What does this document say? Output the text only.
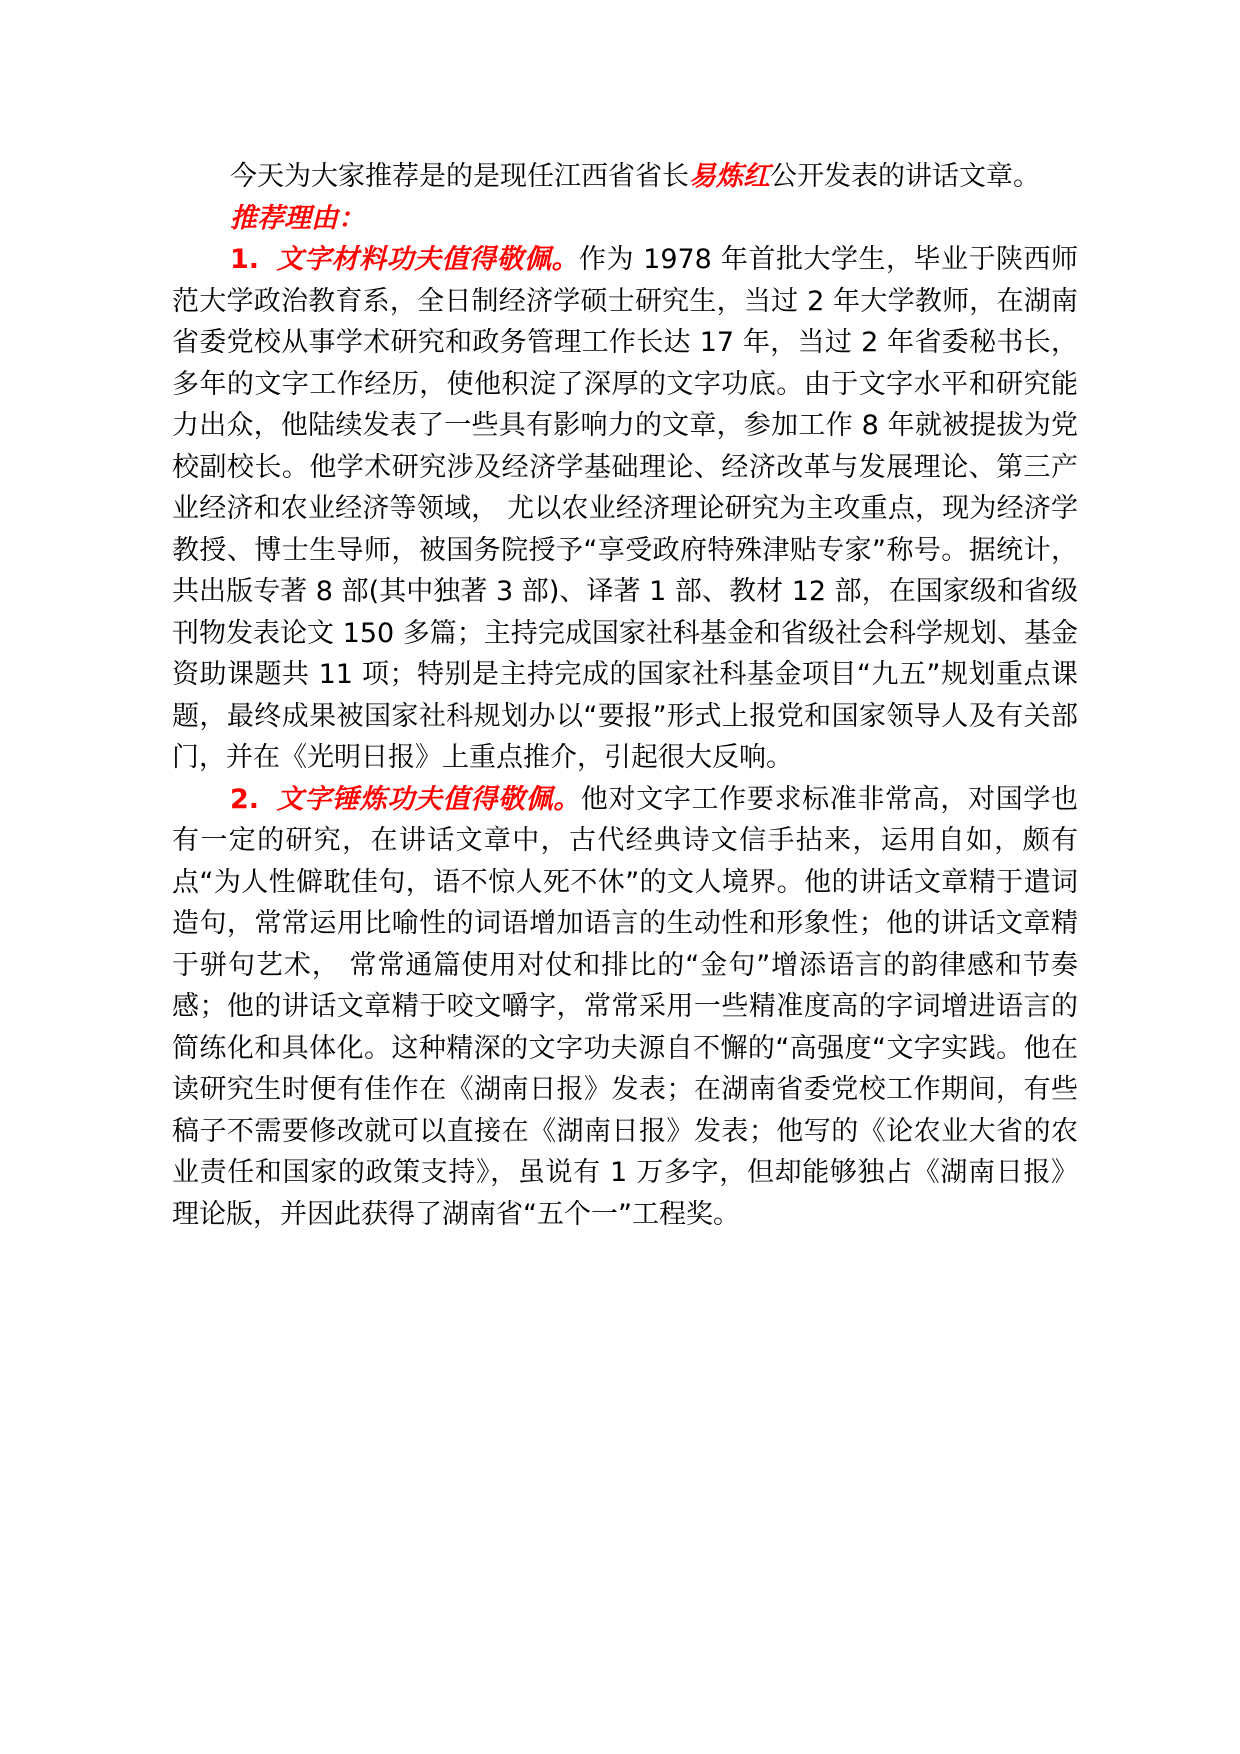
今天为大家推荐是的是现任江西省省长易炼红公开发表的讲话文章。

推荐理由：

1. 文字材料功夫值得敬佩。作为 1978 年首批大学生，毕业于陕西师范大学政治教育系，全日制经济学硕士研究生，当过 2 年大学教师，在湖南省委党校从事学术研究和政务管理工作长达 17 年，当过 2 年省委秘书长，多年的文字工作经历，使他积淀了深厚的文字功底。由于文字水平和研究能力出众，他陆续发表了一些具有影响力的文章，参加工作 8 年就被提拔为党校副校长。他学术研究涉及经济学基础理论、经济改革与发展理论、第三产业经济和农业经济等领域， 尤以农业经济理论研究为主攻重点，现为经济学教授、博士生导师，被国务院授予“享受政府特殊津贴专家”称号。据统计，共出版专著 8 部(其中独著 3 部)、译著 1 部、教材 12 部，在国家级和省级刊物发表论文 150 多篇；主持完成国家社科基金和省级社会科学规划、基金资助课题共 11 项；特别是主持完成的国家社科基金项目“九五”规划重点课题，最终成果被国家社科规划办以“要报”形式上报党和国家领导人及有关部门，并在《光明日报》上重点推介，引起很大反响。

2. 文字锤炼功夫值得敬佩。他对文字工作要求标准非常高，对国学也有一定的研究，在讲话文章中，古代经典诗文信手拈来，运用自如，颇有点“为人性僻耽佳句，语不惊人死不休”的文人境界。他的讲话文章精于遣词造句，常常运用比喻性的词语增加语言的生动性和形象性；他的讲话文章精于骈句艺术， 常常通篇使用对仗和排比的“金句”增添语言的韵律感和节奏感；他的讲话文章精于咬文嚼字，常常采用一些精准度高的字词增进语言的简练化和具体化。这种精深的文字功夫源自不懈的“高强度“文字实践。他在读研究生时便有佳作在《湖南日报》发表；在湖南省委党校工作期间，有些稿子不需要修改就可以直接在《湖南日报》发表；他写的《论农业大省的农业责任和国家的政策支持》，虽说有 1 万多字，但却能够独占《湖南日报》理论版，并因此获得了湖南省“五个一”工程奖。
